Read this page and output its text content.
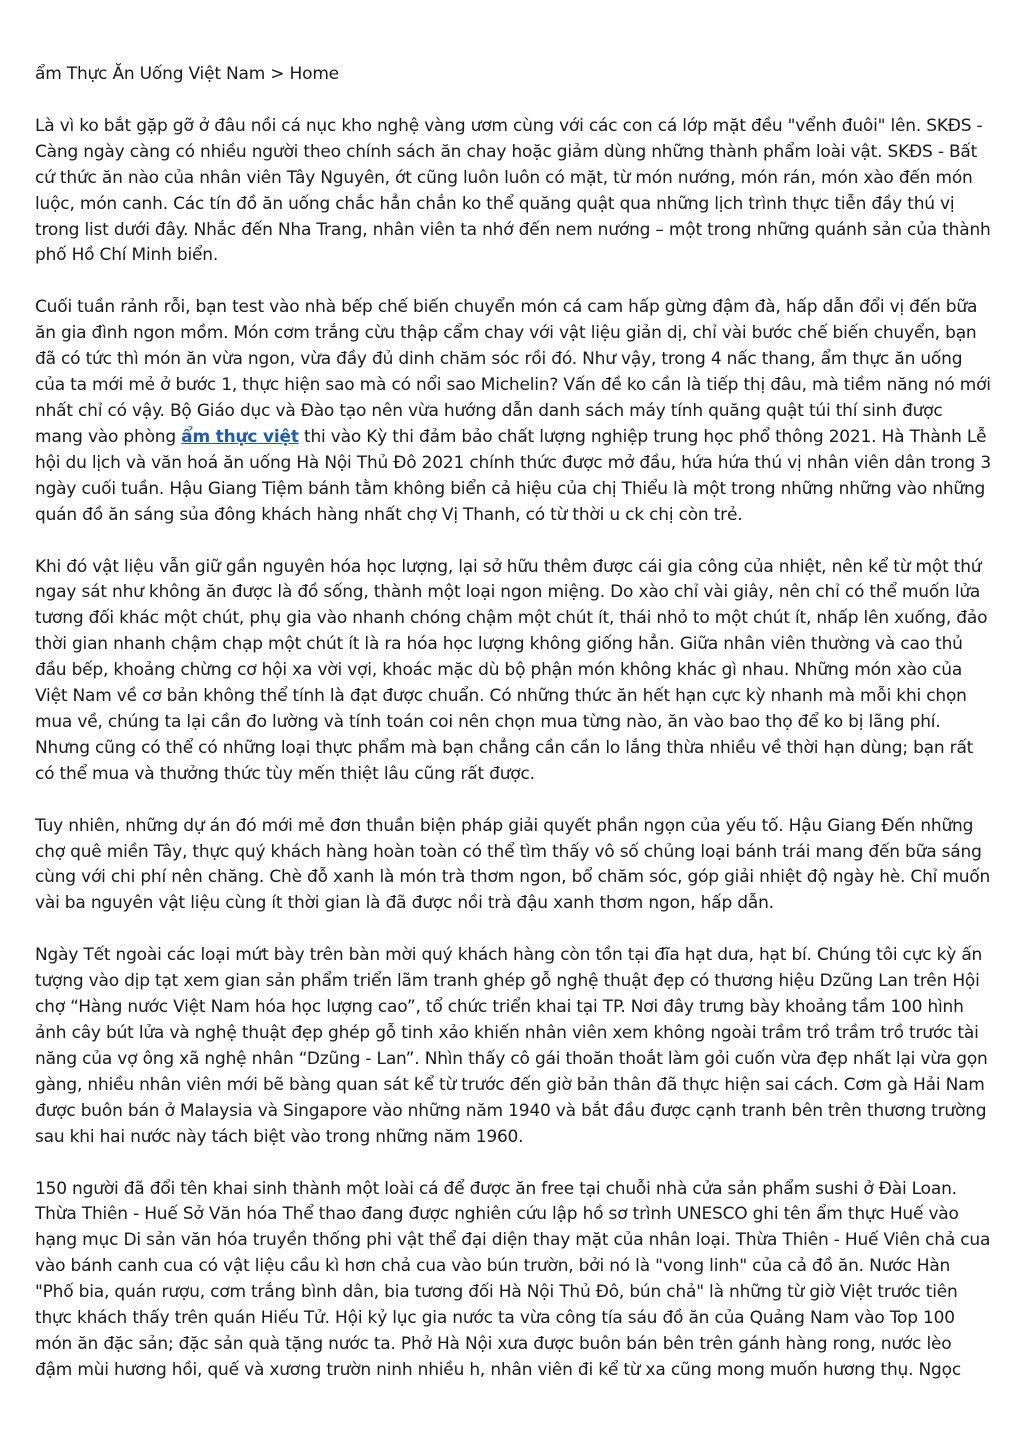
ẩm Thực Ăn Uống Việt Nam > Home

Là vì ko bắt gặp gỡ ở đâu nồi cá nục kho nghệ vàng ươm cùng với các con cá lớp mặt đều "vểnh đuôi" lên. SKĐS - Càng ngày càng có nhiều người theo chính sách ăn chay hoặc giảm dùng những thành phẩm loài vật. SKĐS - Bất cứ thức ăn nào của nhân viên Tây Nguyên, ớt cũng luôn luôn có mặt, từ món nướng, món rán, món xào đến món luộc, món canh. Các tín đồ ăn uống chắc hẳn chắn ko thể quăng quật qua những lịch trình thực tiễn đầy thú vị trong list dưới đây. Nhắc đến Nha Trang, nhân viên ta nhớ đến nem nướng – một trong những quánh sản của thành phố Hồ Chí Minh biển.

Cuối tuần rảnh rỗi, bạn test vào nhà bếp chế biến chuyển món cá cam hấp gừng đậm đà, hấp dẫn đổi vị đến bữa ăn gia đình ngon mồm. Món cơm trắng cừu thập cẩm chay với vật liệu giản dị, chỉ vài bước chế biến chuyển, bạn đã có tức thì món ăn vừa ngon, vừa đầy đủ dinh chăm sóc rồi đó. Như vậy, trong 4 nấc thang, ẩm thực ăn uống của ta mới mẻ ở bước 1, thực hiện sao mà có nổi sao Michelin? Vấn đề ko cần là tiếp thị đâu, mà tiềm năng nó mới nhất chỉ có vậy. Bộ Giáo dục và Đào tạo nên vừa hướng dẫn danh sách máy tính quăng quật túi thí sinh được mang vào phòng ẩm thực việt thi vào Kỳ thi đảm bảo chất lượng nghiệp trung học phổ thông 2021. Hà Thành Lễ hội du lịch và văn hoá ăn uống Hà Nội Thủ Đô 2021 chính thức được mở đầu, hứa hứa thú vị nhân viên dân trong 3 ngày cuối tuần. Hậu Giang Tiệm bánh tằm không biển cả hiệu của chị Thiểu là một trong những những vào những quán đồ ăn sáng sủa đông khách hàng nhất chợ Vị Thanh, có từ thời u ck chị còn trẻ.

Khi đó vật liệu vẫn giữ gần nguyên hóa học lượng, lại sở hữu thêm được cái gia công của nhiệt, nên kể từ một thứ ngay sát như không ăn được là đồ sống, thành một loại ngon miệng. Do xào chỉ vài giây, nên chỉ có thể muốn lửa tương đối khác một chút, phụ gia vào nhanh chóng chậm một chút ít, thái nhỏ to một chút ít, nhấp lên xuống, đảo thời gian nhanh chậm chạp một chút ít là ra hóa học lượng không giống hẳn. Giữa nhân viên thường và cao thủ đầu bếp, khoảng chừng cơ hội xa vời vợi, khoác mặc dù bộ phận món không khác gì nhau. Những món xào của Việt Nam về cơ bản không thể tính là đạt được chuẩn. Có những thức ăn hết hạn cực kỳ nhanh mà mỗi khi chọn mua về, chúng ta lại cần đo lường và tính toán coi nên chọn mua từng nào, ăn vào bao thọ để ko bị lãng phí. Nhưng cũng có thể có những loại thực phẩm mà bạn chẳng cần cần lo lắng thừa nhiều về thời hạn dùng; bạn rất có thể mua và thưởng thức tùy mến thiệt lâu cũng rất được.

Tuy nhiên, những dự án đó mới mẻ đơn thuần biện pháp giải quyết phần ngọn của yếu tố. Hậu Giang Đến những chợ quê miền Tây, thực quý khách hàng hoàn toàn có thể tìm thấy vô số chủng loại bánh trái mang đến bữa sáng cùng với chi phí nên chăng. Chè đỗ xanh là món trà thơm ngon, bổ chăm sóc, góp giải nhiệt độ ngày hè. Chỉ muốn vài ba nguyên vật liệu cùng ít thời gian là đã được nồi trà đậu xanh thơm ngon, hấp dẫn.

Ngày Tết ngoài các loại mứt bày trên bàn mời quý khách hàng còn tồn tại đĩa hạt dưa, hạt bí. Chúng tôi cực kỳ ấn tượng vào dịp tạt xem gian sản phẩm triển lãm tranh ghép gỗ nghệ thuật đẹp có thương hiệu Dzũng Lan trên Hội chợ “Hàng nước Việt Nam hóa học lượng cao”, tổ chức triển khai tại TP. Nơi đây trưng bày khoảng tầm 100 hình ảnh cây bút lửa và nghệ thuật đẹp ghép gỗ tinh xảo khiến nhân viên xem không ngoài trầm trồ trầm trồ trước tài năng của vợ ông xã nghệ nhân “Dzũng - Lan”. Nhìn thấy cô gái thoăn thoắt làm gỏi cuốn vừa đẹp nhất lại vừa gọn gàng, nhiều nhân viên mới bẽ bàng quan sát kể từ trước đến giờ bản thân đã thực hiện sai cách. Cơm gà Hải Nam được buôn bán ở Malaysia và Singapore vào những năm 1940 và bắt đầu được cạnh tranh bên trên thương trường sau khi hai nước này tách biệt vào trong những năm 1960.

150 người đã đổi tên khai sinh thành một loài cá để được ăn free tại chuỗi nhà cửa sản phẩm sushi ở Đài Loan. Thừa Thiên - Huế Sở Văn hóa Thể thao đang được nghiên cứu lập hồ sơ trình UNESCO ghi tên ẩm thực Huế vào hạng mục Di sản văn hóa truyền thống phi vật thể đại diện thay mặt của nhân loại. Thừa Thiên - Huế Viên chả cua vào bánh canh cua có vật liệu cầu kì hơn chả cua vào bún trườn, bởi nó là "vong linh" của cả đồ ăn. Nước Hàn "Phố bia, quán rượu, cơm trắng bình dân, bia tương đối Hà Nội Thủ Đô, bún chả" là những từ giờ Việt trước tiên thực khách thấy trên quán Hiếu Tử. Hội kỷ lục gia nước ta vừa công tía sáu đồ ăn của Quảng Nam vào Top 100 món ăn đặc sản; đặc sản quà tặng nước ta. Phở Hà Nội xưa được buôn bán bên trên gánh hàng rong, nước lèo đậm mùi hương hồi, quế và xương trườn ninh nhiều h, nhân viên đi kể từ xa cũng mong muốn hương thụ. Ngọc
